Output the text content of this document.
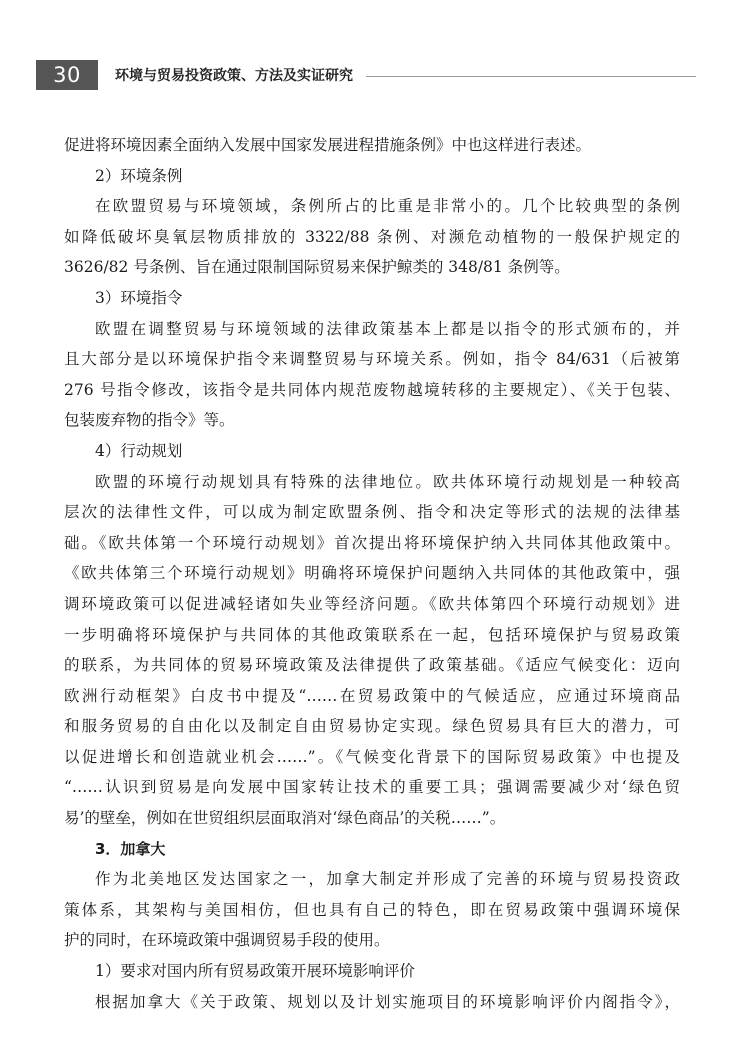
30	环境与贸易投资政策、方法及实证研究
促进将环境因素全面纳入发展中国家发展进程措施条例》中也这样进行表述。
2）环境条例
在欧盟贸易与环境领域，条例所占的比重是非常小的。几个比较典型的条例
如降低破坏臭氧层物质排放的 3322/88 条例、对濒危动植物的一般保护规定的
3626/82 号条例、旨在通过限制国际贸易来保护鲸类的 348/81 条例等。
3）环境指令
欧盟在调整贸易与环境领域的法律政策基本上都是以指令的形式颁布的，并
且大部分是以环境保护指令来调整贸易与环境关系。例如，指令 84/631（后被第
276 号指令修改，该指令是共同体内规范废物越境转移的主要规定）、《关于包装、
包装废弃物的指令》等。
4）行动规划
欧盟的环境行动规划具有特殊的法律地位。欧共体环境行动规划是一种较高
层次的法律性文件，可以成为制定欧盟条例、指令和决定等形式的法规的法律基
础。《欧共体第一个环境行动规划》首次提出将环境保护纳入共同体其他政策中。
《欧共体第三个环境行动规划》明确将环境保护问题纳入共同体的其他政策中，强
调环境政策可以促进减轻诸如失业等经济问题。《欧共体第四个环境行动规划》进
一步明确将环境保护与共同体的其他政策联系在一起，包括环境保护与贸易政策
的联系，为共同体的贸易环境政策及法律提供了政策基础。《适应气候变化：迈向
欧洲行动框架》白皮书中提及“……在贸易政策中的气候适应，应通过环境商品
和服务贸易的自由化以及制定自由贸易协定实现。绿色贸易具有巨大的潜力，可
以促进增长和创造就业机会……”。《气候变化背景下的国际贸易政策》中也提及
“……认识到贸易是向发展中国家转让技术的重要工具；强调需要减少对‘绿色贸
易’的壁垒，例如在世贸组织层面取消对‘绿色商品’的关税……”。
3．加拿大
作为北美地区发达国家之一，加拿大制定并形成了完善的环境与贸易投资政
策体系，其架构与美国相仿，但也具有自己的特色，即在贸易政策中强调环境保
护的同时，在环境政策中强调贸易手段的使用。
1）要求对国内所有贸易政策开展环境影响评价
根据加拿大《关于政策、规划以及计划实施项目的环境影响评价内阁指令》，
